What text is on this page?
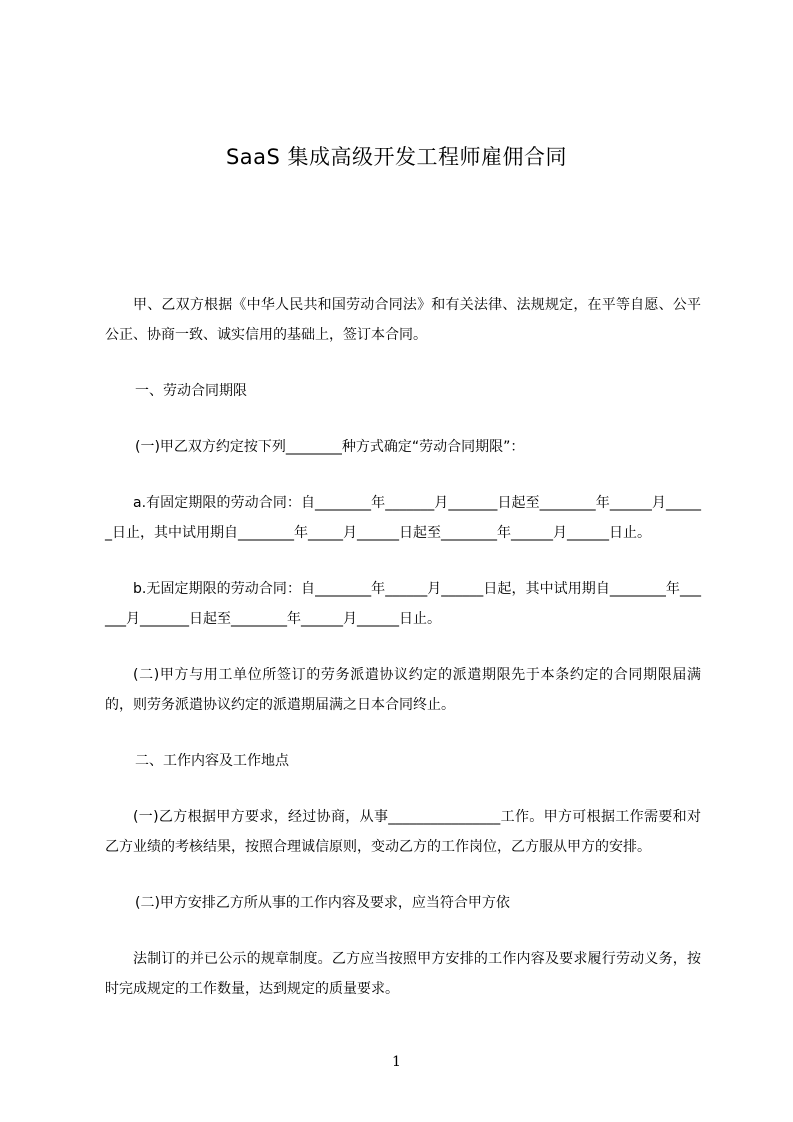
SaaS 集成高级开发工程师雇佣合同

甲、乙双方根据《中华人民共和国劳动合同法》和有关法律、法规规定，在平等自愿、公平公正、协商一致、诚实信用的基础上，签订本合同。

一、劳动合同期限

(一)甲乙双方约定按下列________种方式确定“劳动合同期限”：

a.有固定期限的劳动合同：自________年_______月_______日起至________年______月______日止，其中试用期自________年_____月______日起至________年______月______日止。

b.无固定期限的劳动合同：自________年______月______日起，其中试用期自________年______月_______日起至________年______月______日止。

(二)甲方与用工单位所签订的劳务派遣协议约定的派遣期限先于本条约定的合同期限届满的，则劳务派遣协议约定的派遣期届满之日本合同终止。

二、工作内容及工作地点

(一)乙方根据甲方要求，经过协商，从事________________工作。甲方可根据工作需要和对乙方业绩的考核结果，按照合理诚信原则，变动乙方的工作岗位，乙方服从甲方的安排。

(二)甲方安排乙方所从事的工作内容及要求，应当符合甲方依

法制订的并已公示的规章制度。乙方应当按照甲方安排的工作内容及要求履行劳动义务，按时完成规定的工作数量，达到规定的质量要求。

1
